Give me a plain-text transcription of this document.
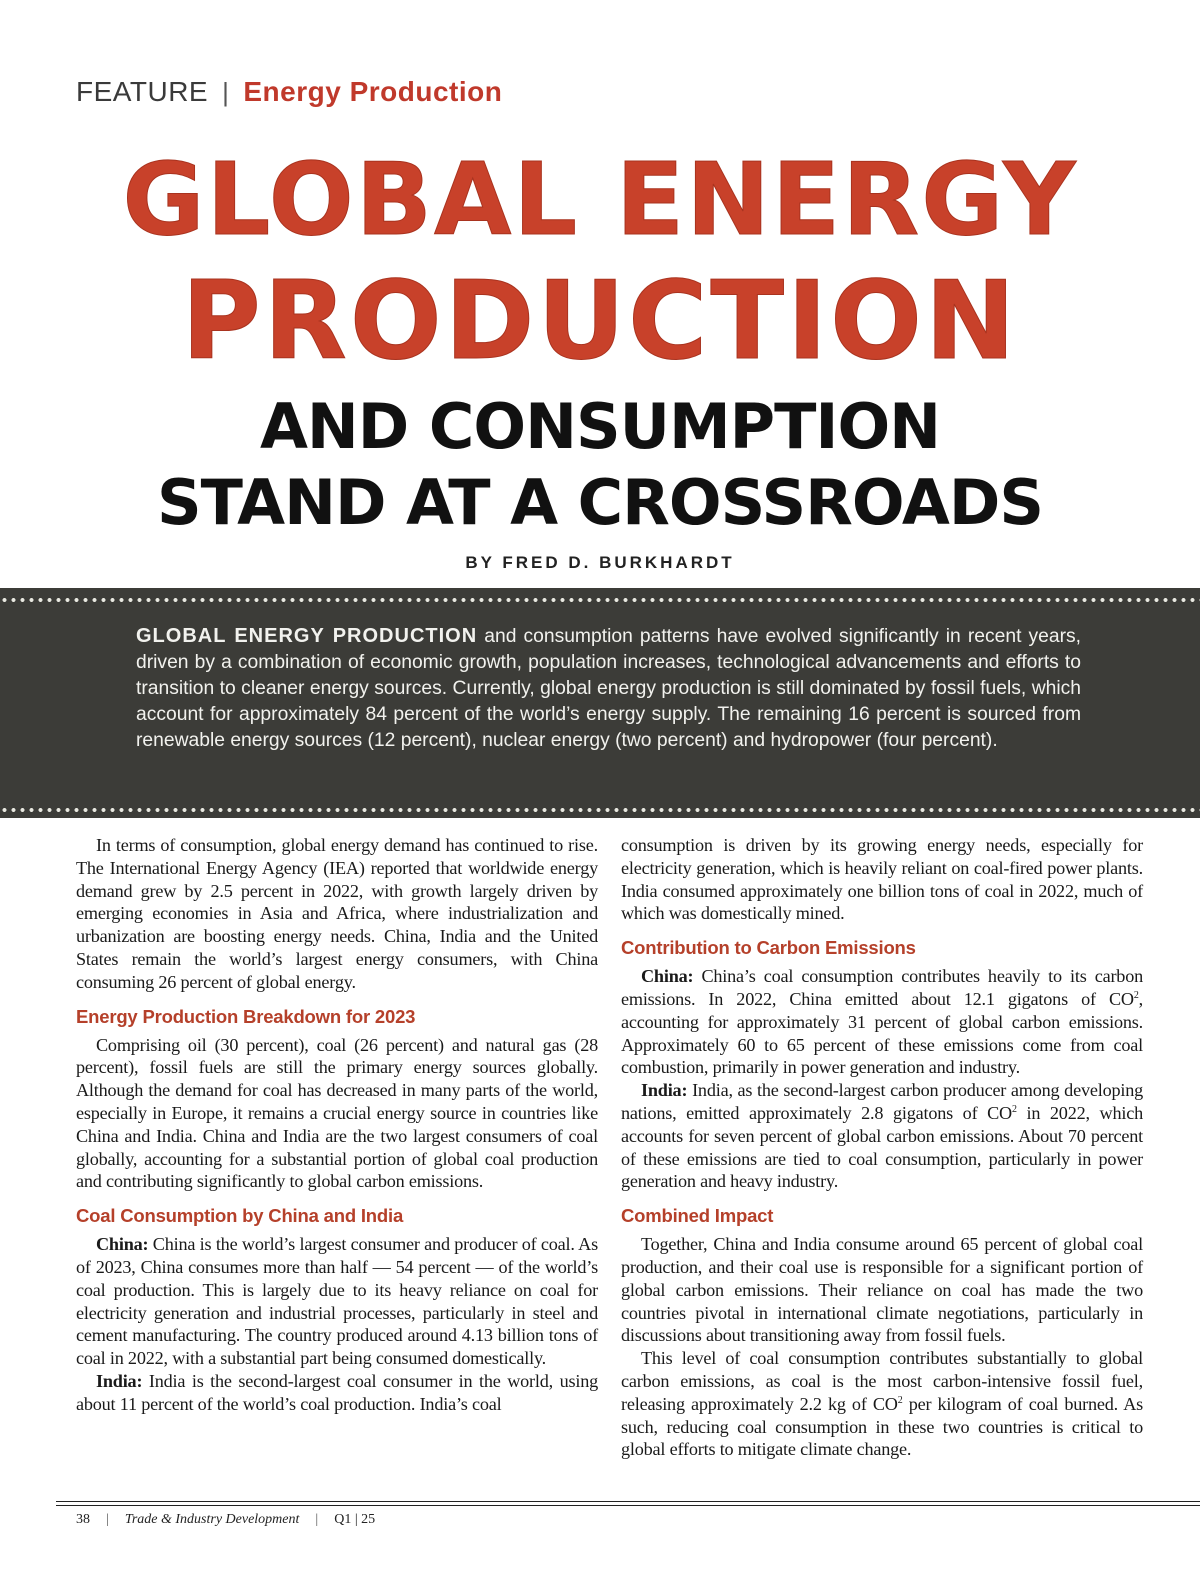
FEATURE | Energy Production
GLOBAL ENERGY
PRODUCTION
AND CONSUMPTION
STAND AT A CROSSROADS
BY FRED D. BURKHARDT
GLOBAL ENERGY PRODUCTION and consumption patterns have evolved significantly in recent years, driven by a combination of economic growth, population increases, technological advancements and efforts to transition to cleaner energy sources. Currently, global energy production is still dominated by fossil fuels, which account for approximately 84 percent of the world’s energy supply. The remaining 16 percent is sourced from renewable energy sources (12 percent), nuclear energy (two percent) and hydropower (four percent).

In terms of consumption, global energy demand has continued to rise. The International Energy Agency (IEA) reported that worldwide energy demand grew by 2.5 percent in 2022, with growth largely driven by emerging economies in Asia and Africa, where industrialization and urbanization are boosting energy needs. China, India and the United States remain the world’s largest energy consumers, with China consuming 26 percent of global energy.

Energy Production Breakdown for 2023

Comprising oil (30 percent), coal (26 percent) and natural gas (28 percent), fossil fuels are still the primary energy sources globally. Although the demand for coal has decreased in many parts of the world, especially in Europe, it remains a crucial energy source in countries like China and India. China and India are the two largest consumers of coal globally, accounting for a substantial portion of global coal production and contributing significantly to global carbon emissions.

Coal Consumption by China and India

China: China is the world’s largest consumer and producer of coal. As of 2023, China consumes more than half — 54 percent — of the world’s coal production. This is largely due to its heavy reliance on coal for electricity generation and industrial processes, particularly in steel and cement manufacturing. The country produced around 4.13 billion tons of coal in 2022, with a substantial part being consumed domestically.

India: India is the second-largest coal consumer in the world, using about 11 percent of the world’s coal production. India’s coal

consumption is driven by its growing energy needs, especially for electricity generation, which is heavily reliant on coal-fired power plants. India consumed approximately one billion tons of coal in 2022, much of which was domestically mined.

Contribution to Carbon Emissions

China: China’s coal consumption contributes heavily to its carbon emissions. In 2022, China emitted about 12.1 gigatons of $CO^2$, accounting for approximately 31 percent of global carbon emissions. Approximately 60 to 65 percent of these emissions come from coal combustion, primarily in power generation and industry.

India: India, as the second-largest carbon producer among developing nations, emitted approximately 2.8 gigatons of $CO^2$ in 2022, which accounts for seven percent of global carbon emissions. About 70 percent of these emissions are tied to coal consumption, particularly in power generation and heavy industry.

Combined Impact

Together, China and India consume around 65 percent of global coal production, and their coal use is responsible for a significant portion of global carbon emissions. Their reliance on coal has made the two countries pivotal in international climate negotiations, particularly in discussions about transitioning away from fossil fuels.

This level of coal consumption contributes substantially to global carbon emissions, as coal is the most carbon-intensive fossil fuel, releasing approximately 2.2 kg of $CO^2$ per kilogram of coal burned. As such, reducing coal consumption in these two countries is critical to global efforts to mitigate climate change.

38 | Trade & Industry Development | Q1 | 25
